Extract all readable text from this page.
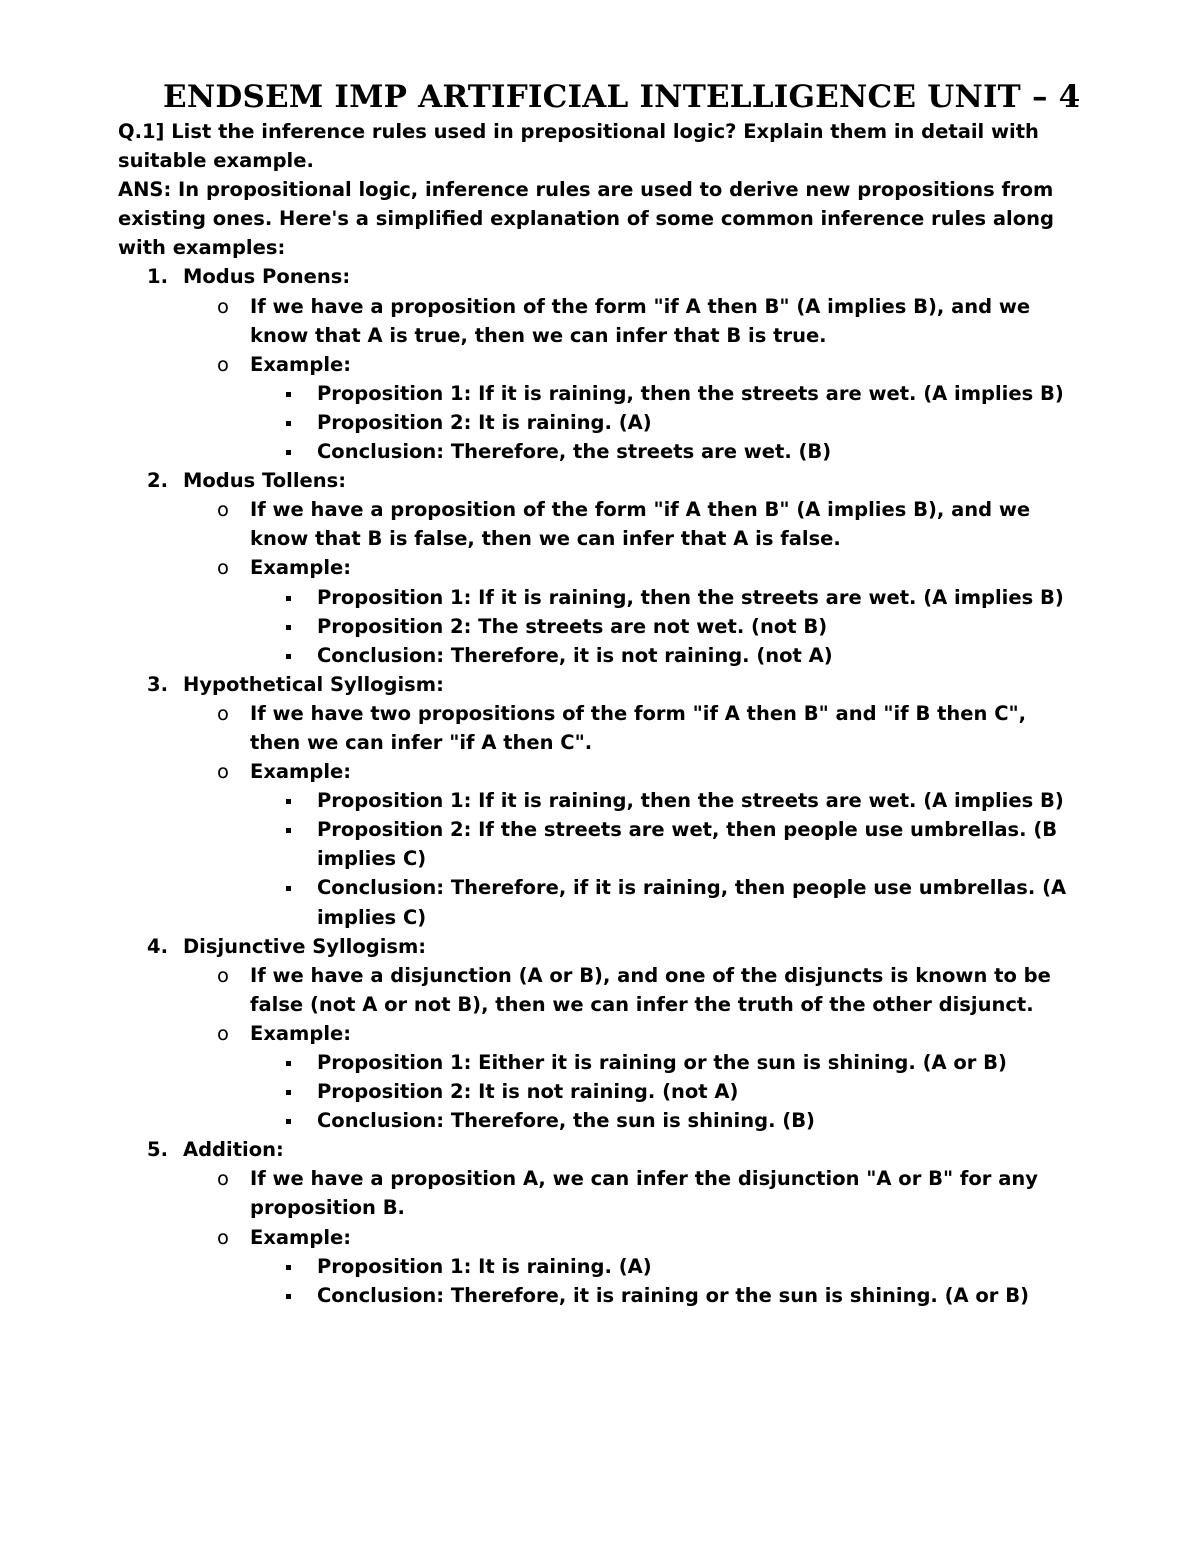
ENDSEM IMP ARTIFICIAL INTELLIGENCE UNIT – 4

Q.1] List the inference rules used in prepositional logic? Explain them in detail with suitable example.

ANS: In propositional logic, inference rules are used to derive new propositions from existing ones. Here's a simplified explanation of some common inference rules along with examples:

1. Modus Ponens:
o If we have a proposition of the form "if A then B" (A implies B), and we know that A is true, then we can infer that B is true.
o Example:
Proposition 1: If it is raining, then the streets are wet. (A implies B)
Proposition 2: It is raining. (A)
Conclusion: Therefore, the streets are wet. (B)
2. Modus Tollens:
o If we have a proposition of the form "if A then B" (A implies B), and we know that B is false, then we can infer that A is false.
o Example:
Proposition 1: If it is raining, then the streets are wet. (A implies B)
Proposition 2: The streets are not wet. (not B)
Conclusion: Therefore, it is not raining. (not A)
3. Hypothetical Syllogism:
o If we have two propositions of the form "if A then B" and "if B then C", then we can infer "if A then C".
o Example:
Proposition 1: If it is raining, then the streets are wet. (A implies B)
Proposition 2: If the streets are wet, then people use umbrellas. (B implies C)
Conclusion: Therefore, if it is raining, then people use umbrellas. (A implies C)
4. Disjunctive Syllogism:
o If we have a disjunction (A or B), and one of the disjuncts is known to be false (not A or not B), then we can infer the truth of the other disjunct.
o Example:
Proposition 1: Either it is raining or the sun is shining. (A or B)
Proposition 2: It is not raining. (not A)
Conclusion: Therefore, the sun is shining. (B)
5. Addition:
o If we have a proposition A, we can infer the disjunction "A or B" for any proposition B.
o Example:
Proposition 1: It is raining. (A)
Conclusion: Therefore, it is raining or the sun is shining. (A or B)
